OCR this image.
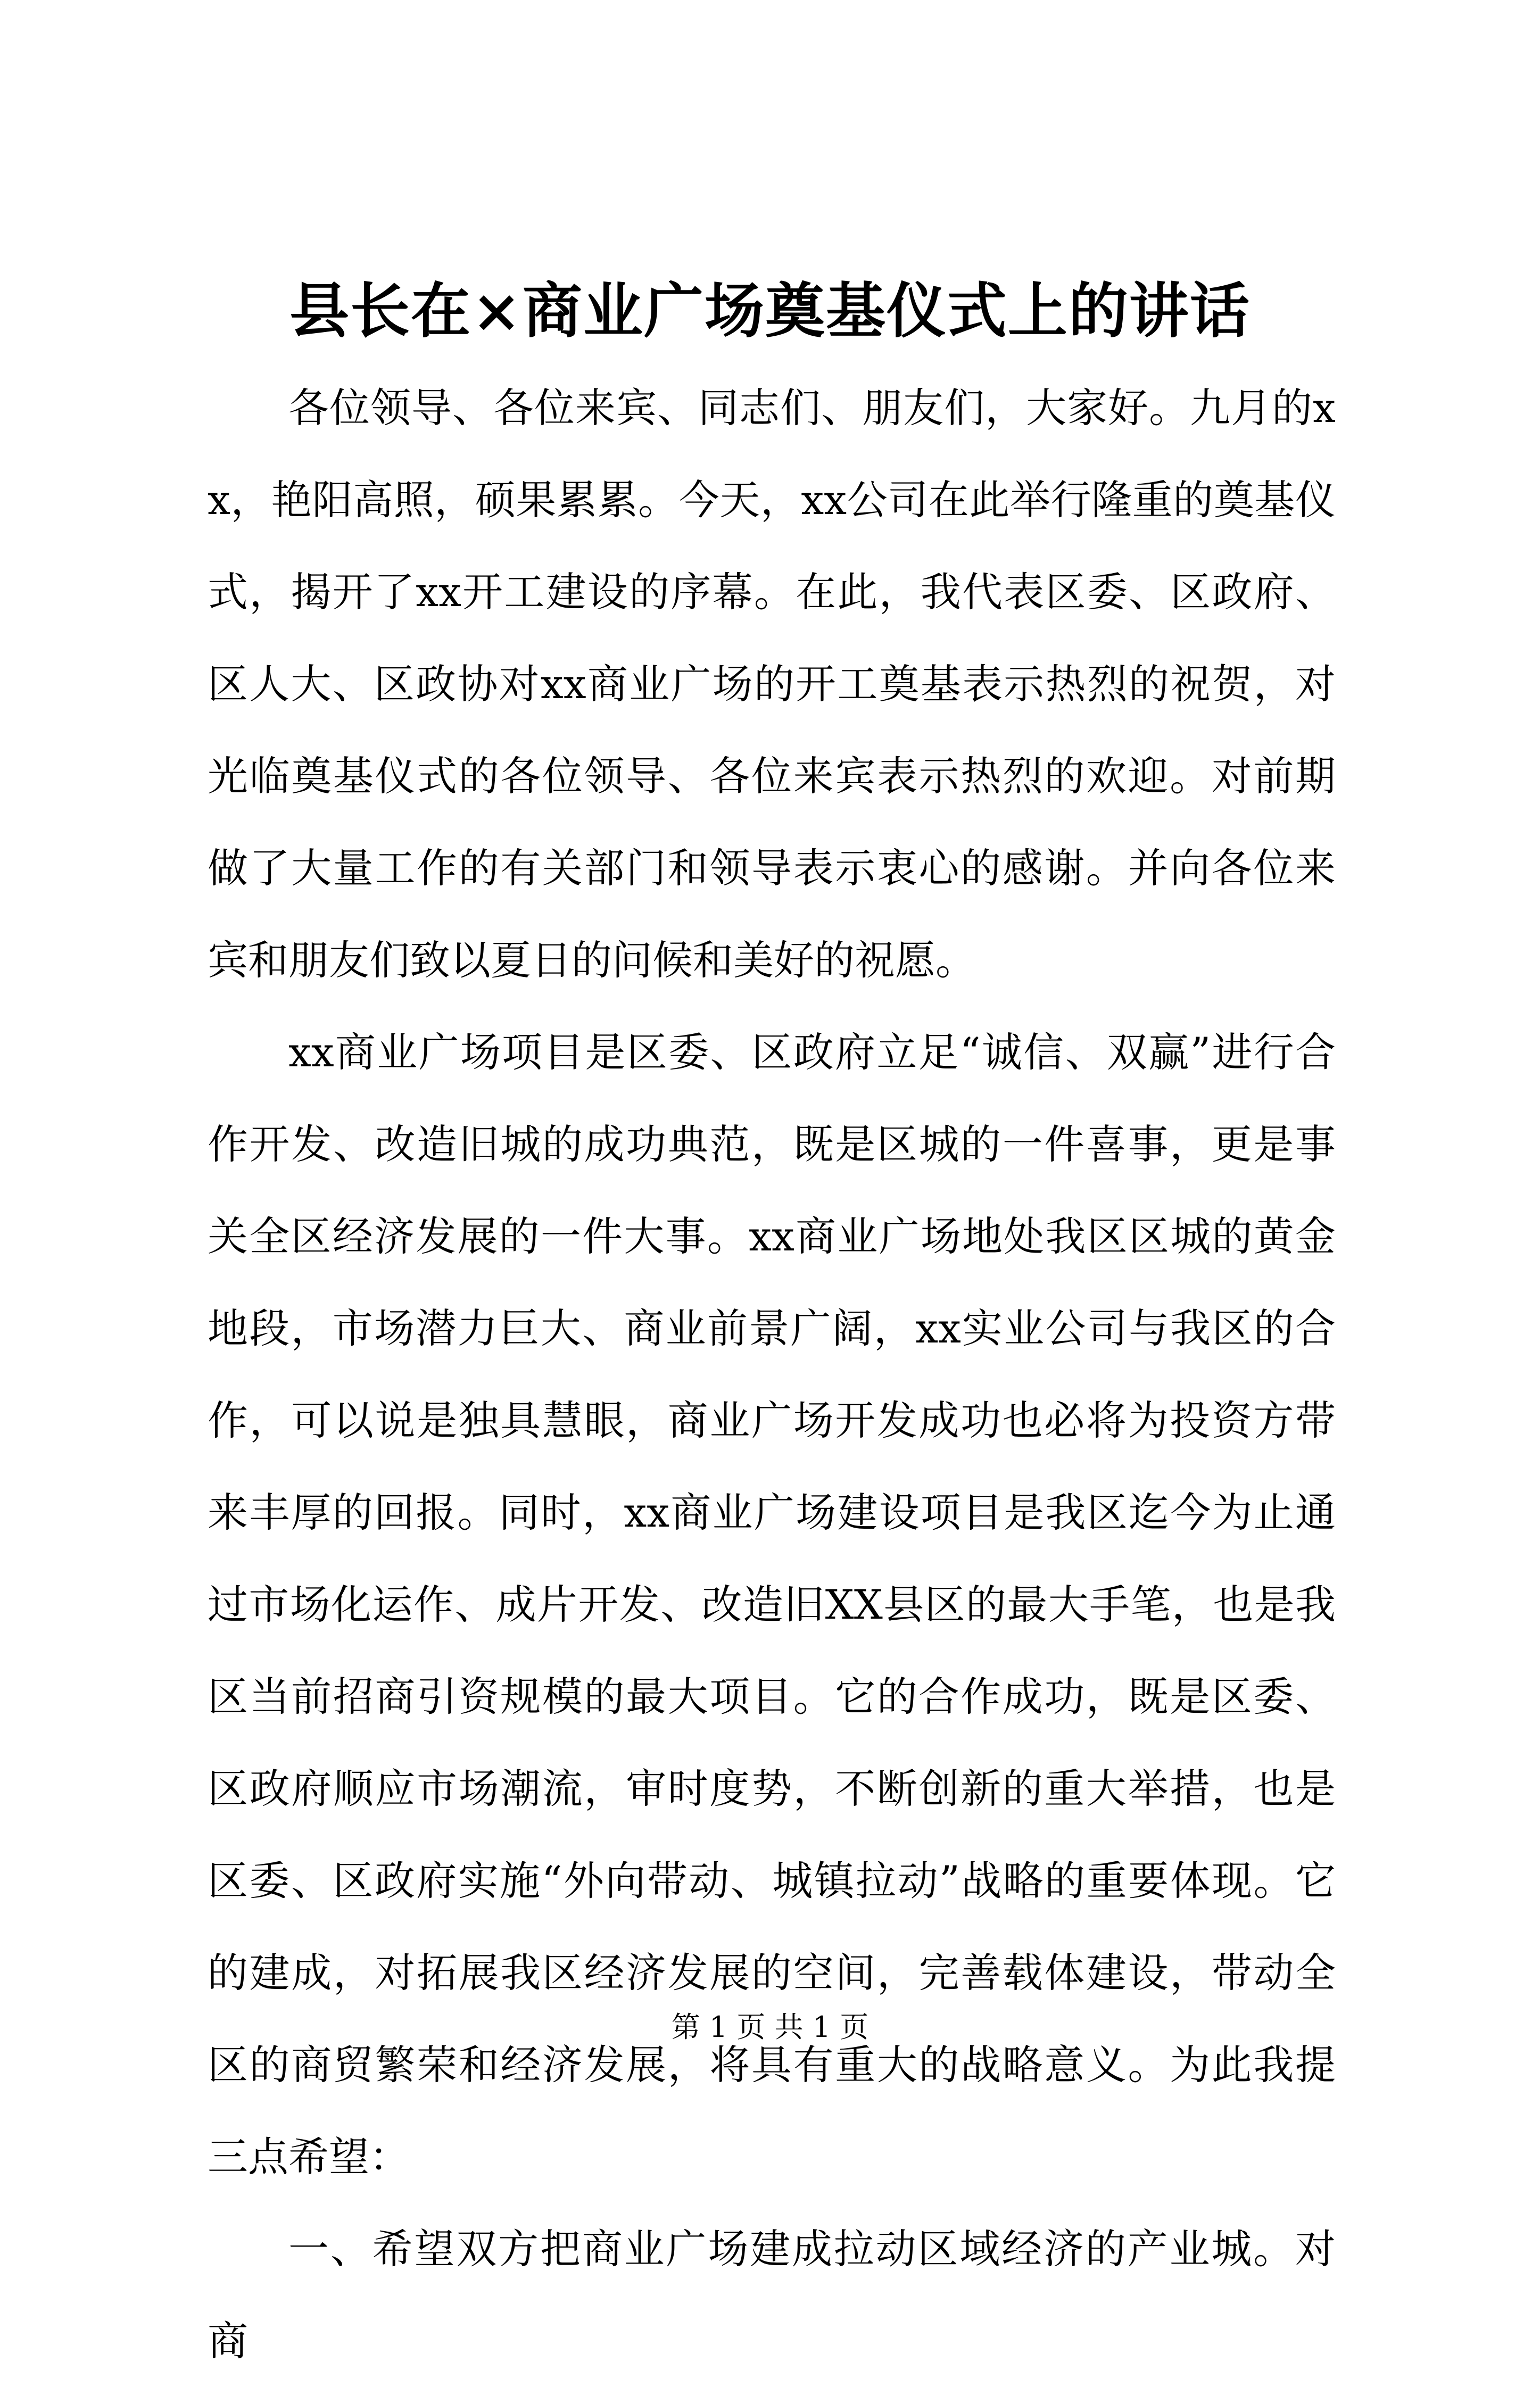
县长在×商业广场奠基仪式上的讲话

各位领导、各位来宾、同志们、朋友们，大家好。九月的xx，艳阳高照，硕果累累。今天，xx公司在此举行隆重的奠基仪式，揭开了xx开工建设的序幕。在此，我代表区委、区政府、区人大、区政协对xx商业广场的开工奠基表示热烈的祝贺，对光临奠基仪式的各位领导、各位来宾表示热烈的欢迎。对前期做了大量工作的有关部门和领导表示衷心的感谢。并向各位来宾和朋友们致以夏日的问候和美好的祝愿。

xx商业广场项目是区委、区政府立足“诚信、双赢”进行合作开发、改造旧城的成功典范，既是区城的一件喜事，更是事关全区经济发展的一件大事。xx商业广场地处我区区城的黄金地段，市场潜力巨大、商业前景广阔，xx实业公司与我区的合作，可以说是独具慧眼，商业广场开发成功也必将为投资方带来丰厚的回报。同时，xx商业广场建设项目是我区迄今为止通过市场化运作、成片开发、改造旧XX县区的最大手笔，也是我区当前招商引资规模的最大项目。它的合作成功，既是区委、区政府顺应市场潮流，审时度势，不断创新的重大举措，也是区委、区政府实施“外向带动、城镇拉动”战略的重要体现。它的建成，对拓展我区经济发展的空间，完善载体建设，带动全区的商贸繁荣和经济发展，将具有重大的战略意义。为此我提三点希望：

一、希望双方把商业广场建成拉动区域经济的产业城。对商

第 1 页 共 1 页
